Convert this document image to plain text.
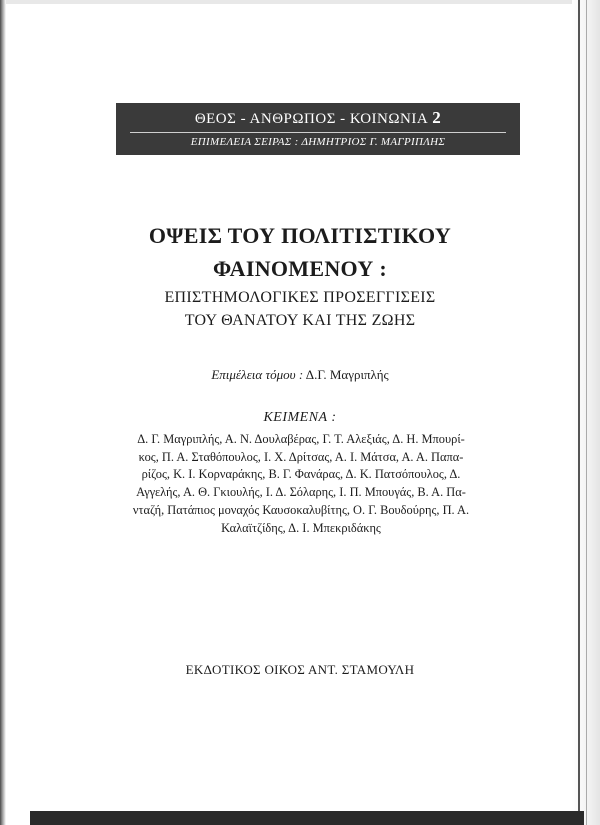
ΘΕΟΣ - ΑΝΘΡΩΠΟΣ - ΚΟΙΝΩΝΙΑ 2
ΕΠΙΜΕΛΕΙΑ ΣΕΙΡΑΣ : ΔΗΜΗΤΡΙΟΣ Γ. ΜΑΓΡΙΠΛΗΣ
ΟΨΕΙΣ ΤΟΥ ΠΟΛΙΤΙΣΤΙΚΟΥ
ΦΑΙΝΟΜΕΝΟΥ :
ΕΠΙΣΤΗΜΟΛΟΓΙΚΕΣ ΠΡΟΣΕΓΓΙΣΕΙΣ
ΤΟΥ ΘΑΝΑΤΟΥ ΚΑΙ ΤΗΣ ΖΩΗΣ
Επιμέλεια τόμου : Δ.Γ. Μαγριπλής
ΚΕΙΜΕΝΑ :
Δ. Γ. Μαγριπλής, Α. Ν. Δουλαβέρας, Γ. Τ. Αλεξιάς, Δ. Η. Μπουρί-
κος, Π. Α. Σταθόπουλος, Ι. Χ. Δρίτσας, Α. Ι. Μάτσα, Α. Α. Παπα-
ρίζος, Κ. Ι. Κορναράκης, Β. Γ. Φανάρας, Δ. Κ. Πατσόπουλος, Δ.
Αγγελής, Α. Θ. Γκιουλής, Ι. Δ. Σόλαρης, Ι. Π. Μπουγάς, Β. Α. Πα-
νταζή, Πατάπιος μοναχός Καυσοκαλυβίτης, Ο. Γ. Βουδούρης, Π. Α.
Καλαϊτζίδης, Δ. Ι. Μπεκριδάκης
ΕΚΔΟΤΙΚΟΣ ΟΙΚΟΣ ΑΝΤ. ΣΤΑΜΟΥΛΗ
